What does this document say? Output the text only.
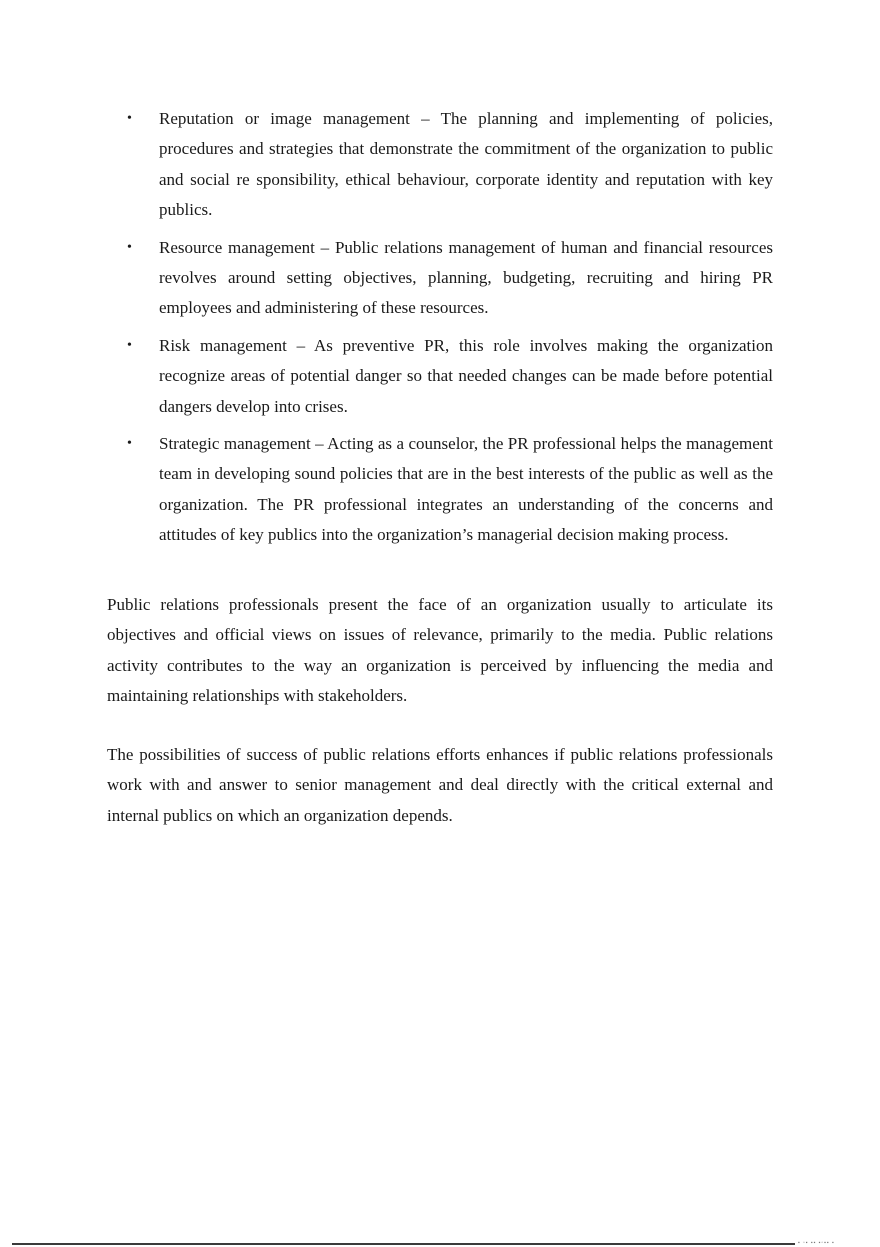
•	Reputation or image management – The planning and implementing of policies, procedures and strategies that demonstrate the commitment of the organization to public and social re sponsibility, ethical behaviour, corporate identity and reputation with key publics.
•	Resource management – Public relations management of human and financial resources revolves around setting objectives, planning, budgeting, recruiting and hiring PR employees and administering of these resources.
•	Risk management – As preventive PR, this role involves making the organization recognize areas of potential danger so that needed changes can be made before potential dangers develop into crises.
•	Strategic management – Acting as a counselor, the PR professional helps the management team in developing sound policies that are in the best interests of the public as well as the organization. The PR professional integrates an understanding of the concerns and attitudes of key publics into the organization’s managerial decision making process.

Public relations professionals present the face of an organization usually to articulate its objectives and official views on issues of relevance, primarily to the media. Public relations activity contributes to the way an organization is perceived by influencing the media and maintaining relationships with stakeholders.

The possibilities of success of public relations efforts enhances if public relations professionals work with and answer to senior management and deal directly with the critical external and internal publics on which an organization depends.

▪ ▫▪ ▪▪ ▪▫▪▪ ▪
